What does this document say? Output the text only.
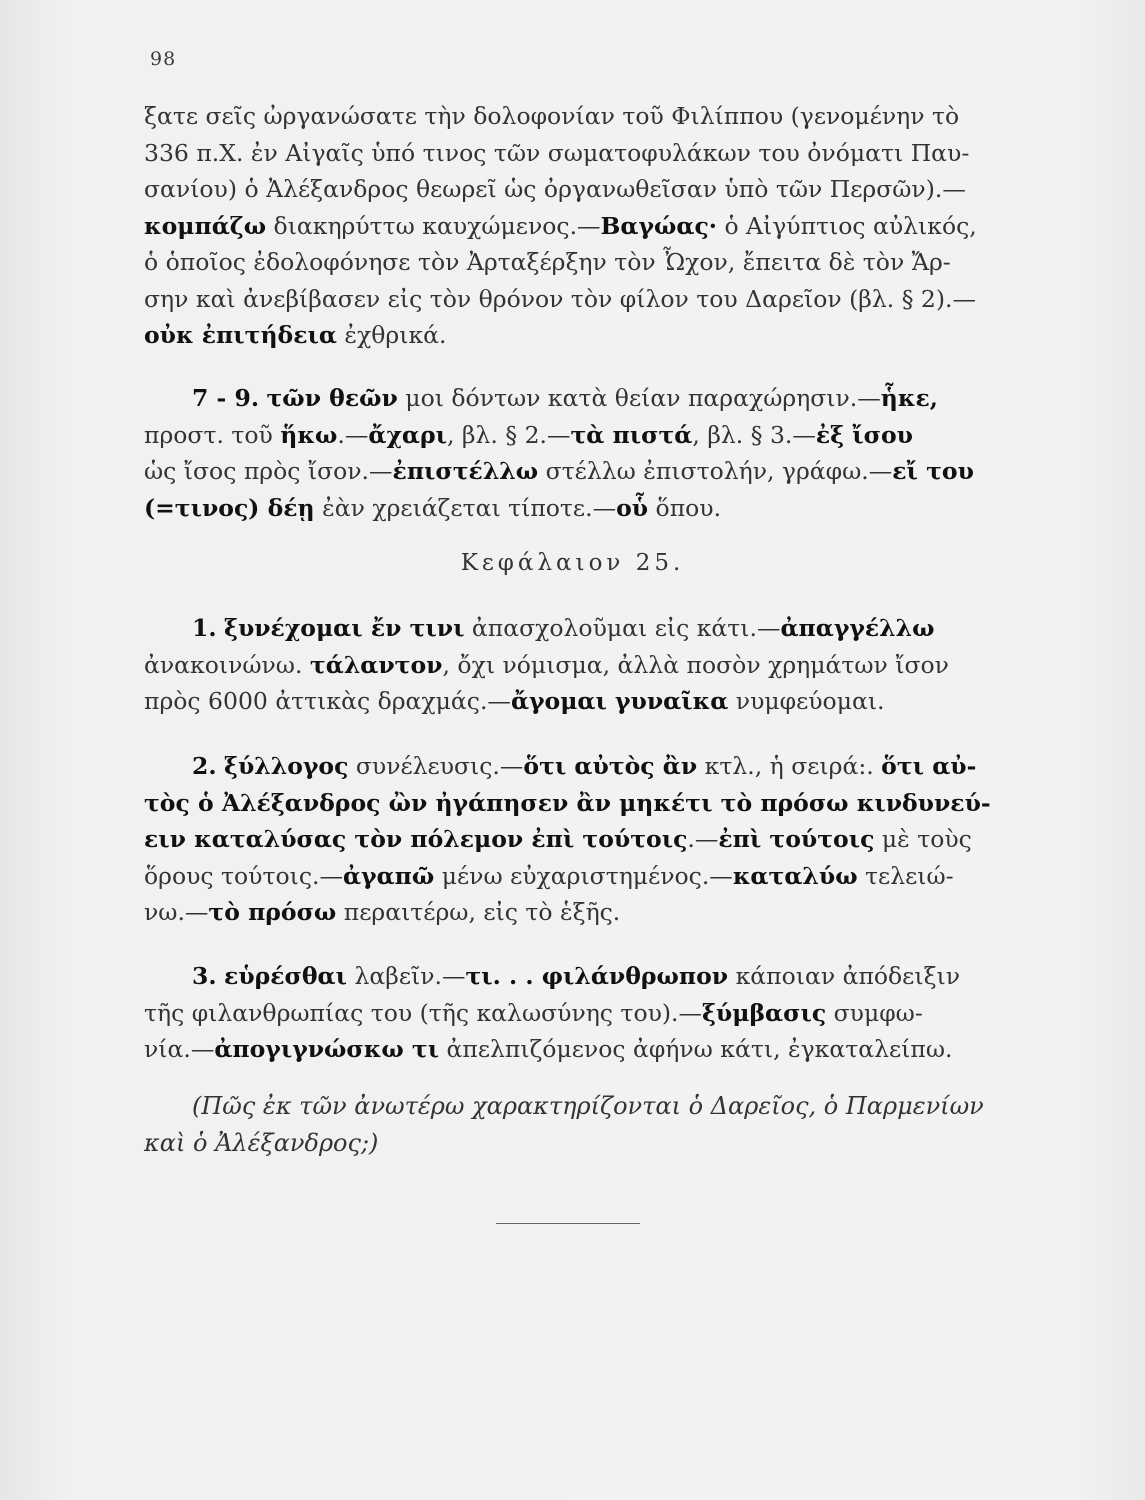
98
ξατε σεῖς ὠργανώσατε τὴν δολοφονίαν τοῦ Φιλίππου (γενομένην τὸ
336 π.Χ. ἐν Αἰγαῖς ὑπό τινος τῶν σωματοφυλάκων του ὀνόματι Παυ-
σανίου) ὁ Ἀλέξανδρος θεωρεῖ ὡς ὀργανωθεῖσαν ὑπὸ τῶν Περσῶν).—
κομπάζω διακηρύττω καυχώμενος.—Βαγώας· ὁ Αἰγύπτιος αὐλικός,
ὁ ὁποῖος ἐδολοφόνησε τὸν Ἀρταξέρξην τὸν Ὦχον, ἔπειτα δὲ τὸν Ἄρ-
σην καὶ ἀνεβίβασεν εἰς τὸν θρόνον τὸν φίλον του Δαρεῖον (βλ. § 2).—
οὐκ ἐπιτήδεια ἐχθρικά.
7 - 9. τῶν θεῶν μοι δόντων κατὰ θείαν παραχώρησιν.—ἧκε,
προστ. τοῦ ἥκω.—ἄχαρι, βλ. § 2.—τὰ πιστά, βλ. § 3.—ἐξ ἴσου
ὡς ἴσος πρὸς ἴσον.—ἐπιστέλλω στέλλω ἐπιστολήν, γράφω.—εἴ του
(=τινος) δέῃ ἐὰν χρειάζεται τίποτε.—οὗ ὅπου.
Κεφάλαιον 25.
1. ξυνέχομαι ἔν τινι ἀπασχολοῦμαι εἰς κάτι.—ἀπαγγέλλω
ἀνακοινώνω. τάλαντον, ὄχι νόμισμα, ἀλλὰ ποσὸν χρημάτων ἴσον
πρὸς 6000 ἀττικὰς δραχμάς.—ἄγομαι γυναῖκα νυμφεύομαι.
2. ξύλλογος συνέλευσις.—ὅτι αὐτὸς ἂν κτλ., ἡ σειρά:. ὅτι αὐ-
τὸς ὁ Ἀλέξανδρος ὢν ἠγάπησεν ἂν μηκέτι τὸ πρόσω κινδυνεύ-
ειν καταλύσας τὸν πόλεμον ἐπὶ τούτοις.—ἐπὶ τούτοις μὲ τοὺς
ὅρους τούτοις.—ἀγαπῶ μένω εὐχαριστημένος.—καταλύω τελειώ-
νω.—τὸ πρόσω περαιτέρω, εἰς τὸ ἑξῆς.
3. εὑρέσθαι λαβεῖν.—τι. . . φιλάνθρωπον κάποιαν ἀπόδειξιν
τῆς φιλανθρωπίας του (τῆς καλωσύνης του).—ξύμβασις συμφω-
νία.—ἀπογιγνώσκω τι ἀπελπιζόμενος ἀφήνω κάτι, ἐγκαταλείπω.
(Πῶς ἐκ τῶν ἀνωτέρω χαρακτηρίζονται ὁ Δαρεῖος, ὁ Παρμενίων
καὶ ὁ Ἀλέξανδρος;)
